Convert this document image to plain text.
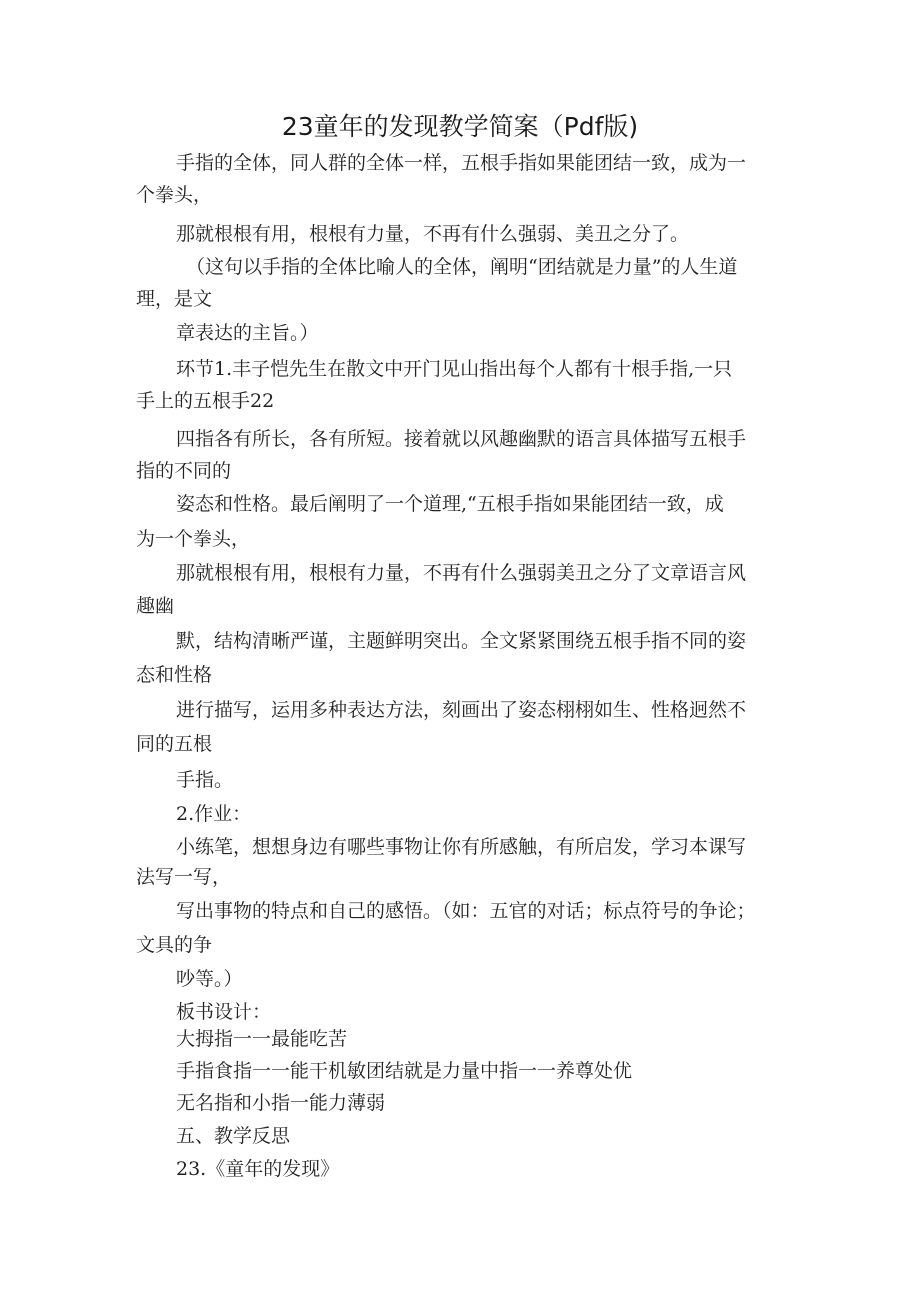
23童年的发现教学简案（Pdf版)
手指的全体，同人群的全体一样，五根手指如果能团结一致，成为一
个拳头，
那就根根有用，根根有力量，不再有什么强弱、美丑之分了。
（这句以手指的全体比喻人的全体，阐明“团结就是力量”的人生道
理，是文
章表达的主旨。）
环节1.丰子恺先生在散文中开门见山指出每个人都有十根手指,一只
手上的五根手22
四指各有所长，各有所短。接着就以风趣幽默的语言具体描写五根手
指的不同的
姿态和性格。最后阐明了一个道理,“五根手指如果能团结一致，成
为一个拳头，
那就根根有用，根根有力量，不再有什么强弱美丑之分了文章语言风
趣幽
默，结构清晰严谨，主题鲜明突出。全文紧紧围绕五根手指不同的姿
态和性格
进行描写，运用多种表达方法，刻画出了姿态栩栩如生、性格迥然不
同的五根
手指。
2.作业：
小练笔，想想身边有哪些事物让你有所感触，有所启发，学习本课写
法写一写，
写出事物的特点和自己的感悟。（如：五官的对话；标点符号的争论；
文具的争
吵等。）
板书设计：
大拇指一一最能吃苦
手指食指一一能干机敏团结就是力量中指一一养尊处优
无名指和小指一能力薄弱
五、教学反思
23.《童年的发现》
